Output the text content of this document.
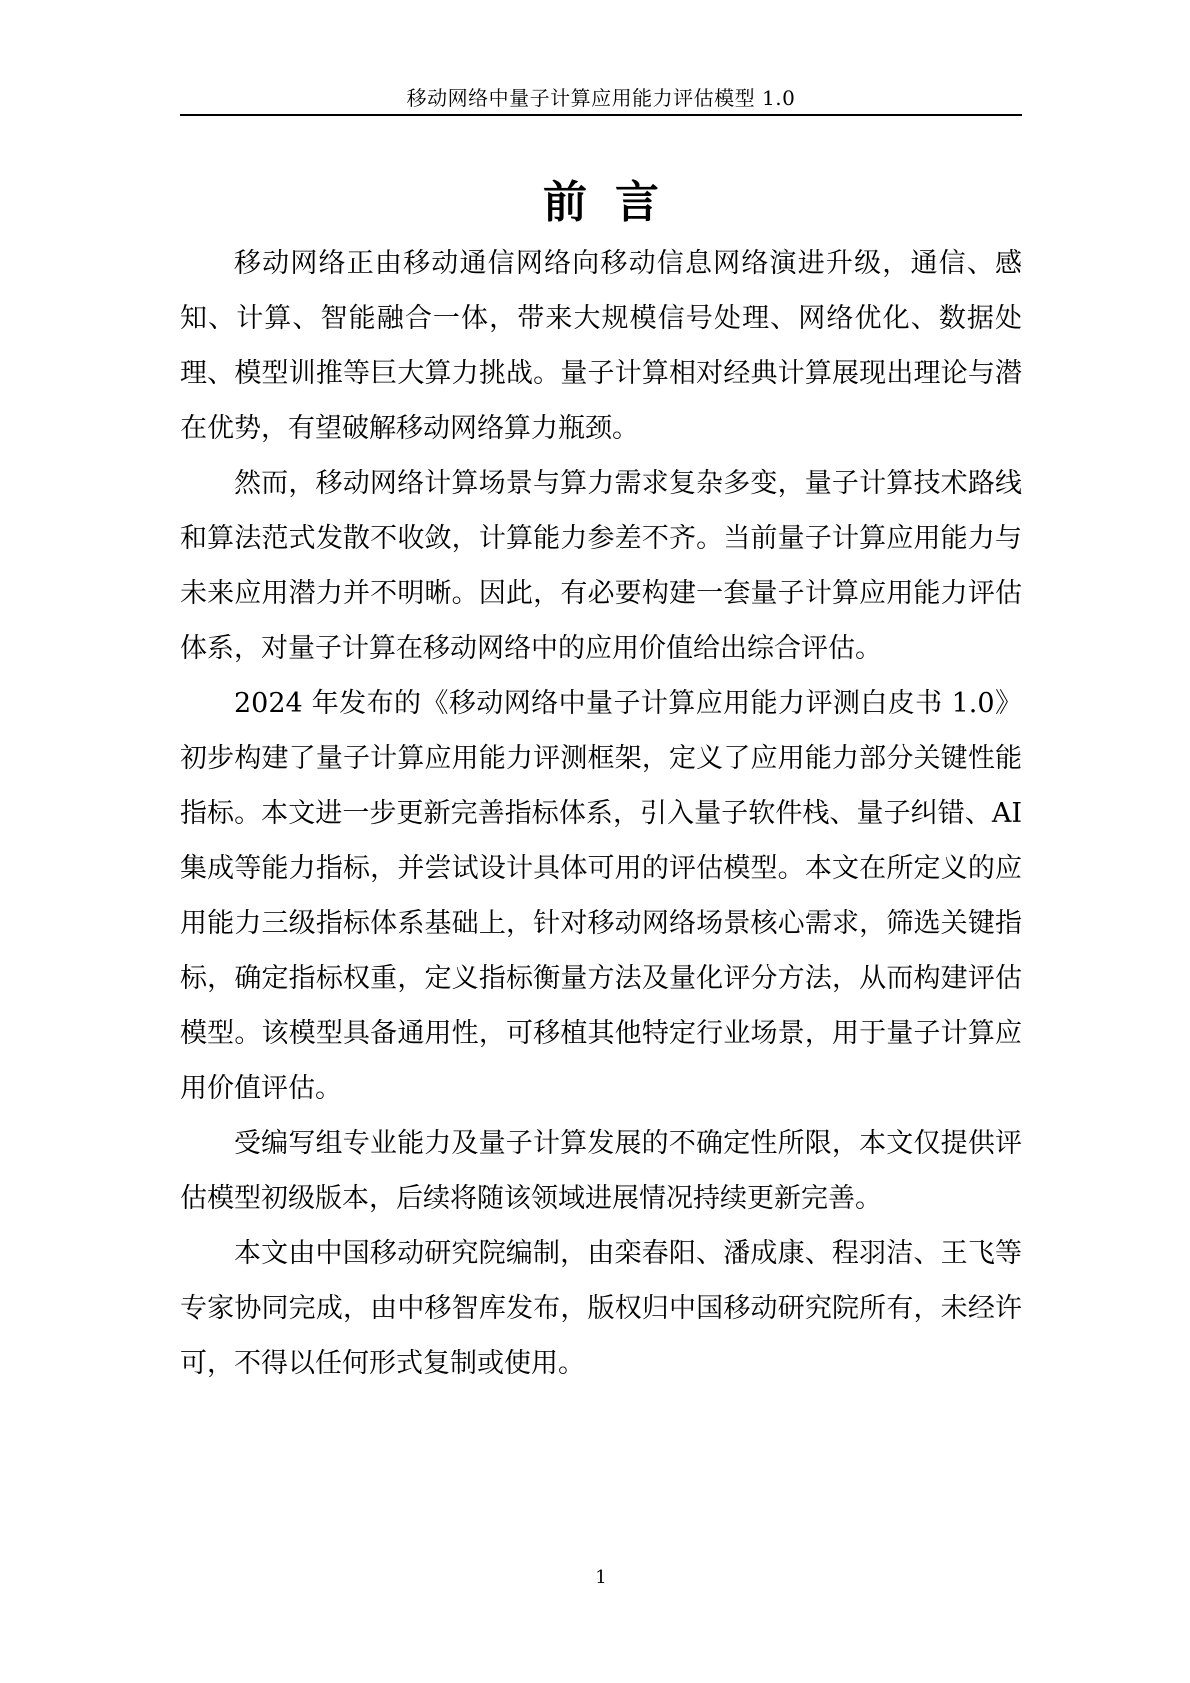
移动网络中量子计算应用能力评估模型 1.0
前言

移动网络正由移动通信网络向移动信息网络演进升级，通信、感知、计算、智能融合一体，带来大规模信号处理、网络优化、数据处理、模型训推等巨大算力挑战。量子计算相对经典计算展现出理论与潜在优势，有望破解移动网络算力瓶颈。

然而，移动网络计算场景与算力需求复杂多变，量子计算技术路线和算法范式发散不收敛，计算能力参差不齐。当前量子计算应用能力与未来应用潜力并不明晰。因此，有必要构建一套量子计算应用能力评估体系，对量子计算在移动网络中的应用价值给出综合评估。

2024 年发布的《移动网络中量子计算应用能力评测白皮书 1.0》初步构建了量子计算应用能力评测框架，定义了应用能力部分关键性能指标。本文进一步更新完善指标体系，引入量子软件栈、量子纠错、AI 集成等能力指标，并尝试设计具体可用的评估模型。本文在所定义的应用能力三级指标体系基础上，针对移动网络场景核心需求，筛选关键指标，确定指标权重，定义指标衡量方法及量化评分方法，从而构建评估模型。该模型具备通用性，可移植其他特定行业场景，用于量子计算应用价值评估。

受编写组专业能力及量子计算发展的不确定性所限，本文仅提供评估模型初级版本，后续将随该领域进展情况持续更新完善。

本文由中国移动研究院编制，由栾春阳、潘成康、程羽洁、王飞等专家协同完成，由中移智库发布，版权归中国移动研究院所有，未经许可，不得以任何形式复制或使用。

1
